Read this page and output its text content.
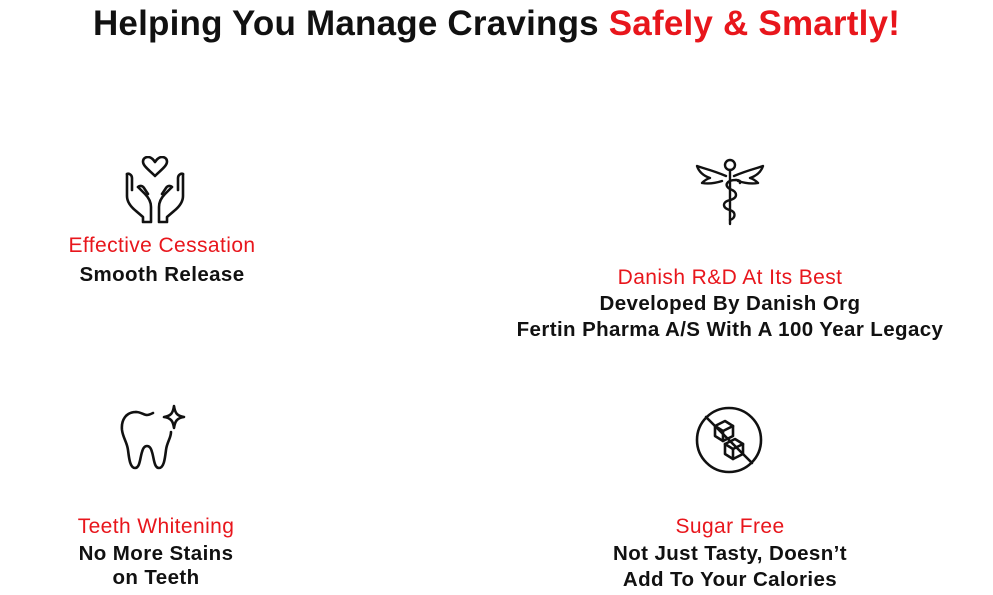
Helping You Manage Cravings Safely & Smartly!
Effective Cessation
Smooth Release	Danish R&D At Its Best
Developed By Danish Org
Fertin Pharma A/S With A 100 Year Legacy
Teeth Whitening
No More Stains
on Teeth
Sugar Free
Not Just Tasty, Doesn’t
Add To Your Calories
